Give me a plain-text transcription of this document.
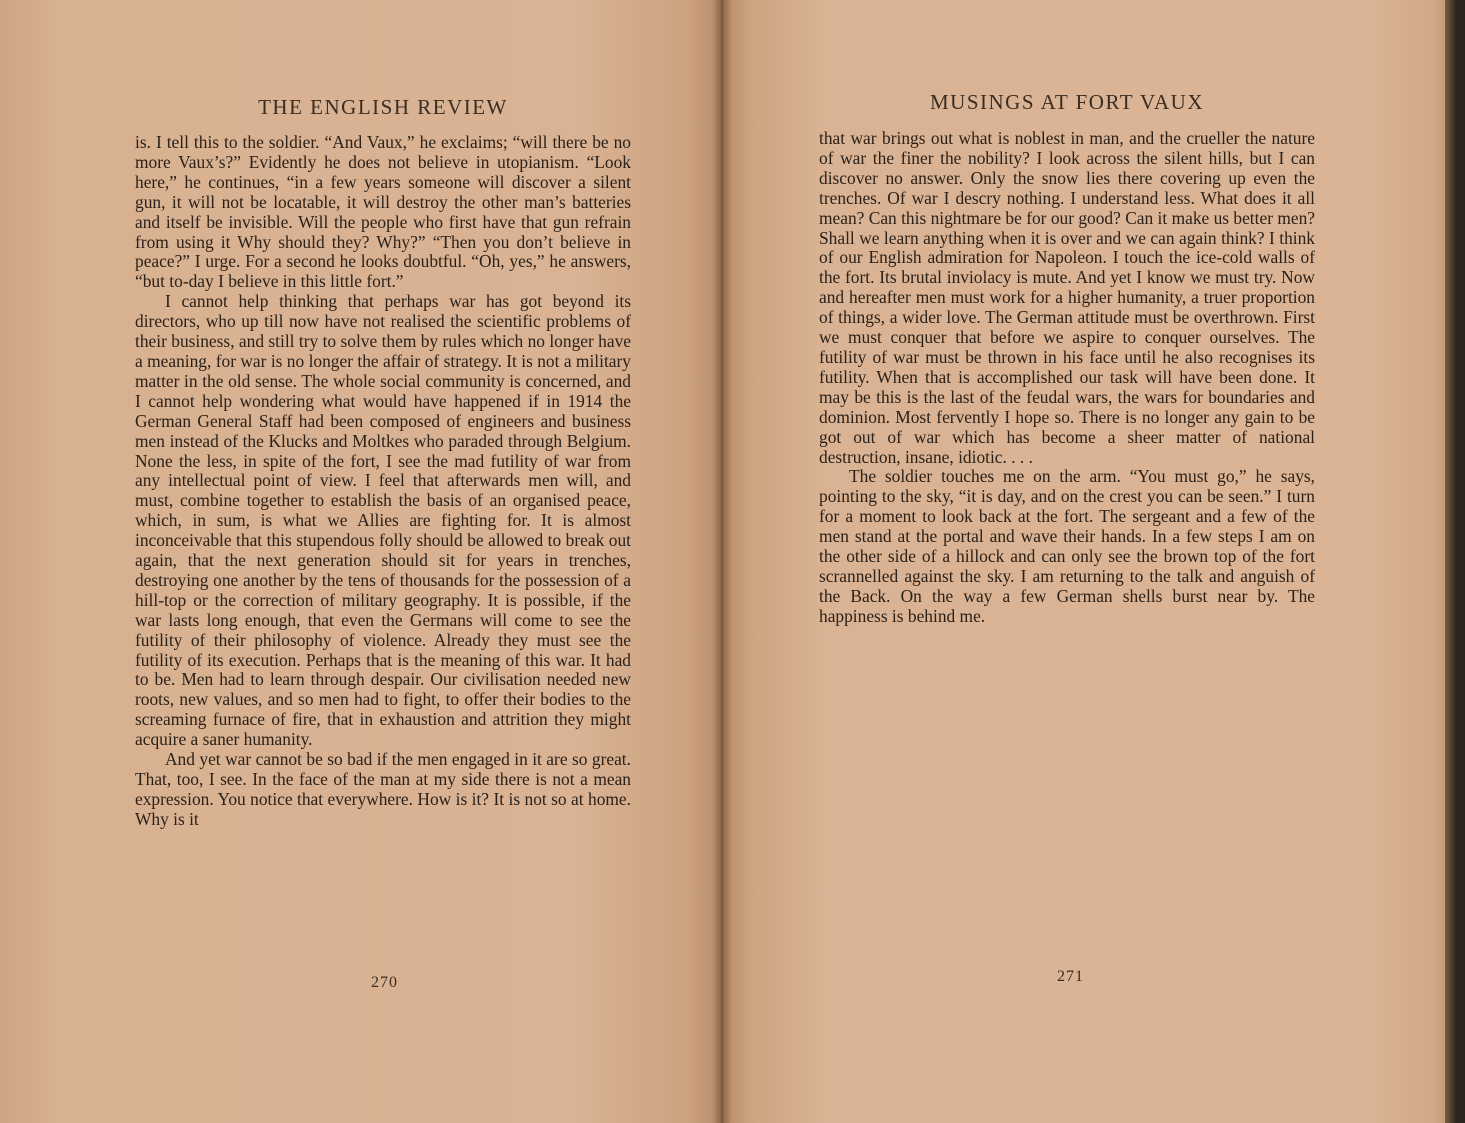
THE ENGLISH REVIEW

is. I tell this to the soldier. “And Vaux,” he exclaims; “will there be no more Vaux’s?” Evidently he does not believe in utopianism. “Look here,” he continues, “in a few years someone will discover a silent gun, it will not be locatable, it will destroy the other man’s batteries and itself be invisible. Will the people who first have that gun refrain from using it Why should they? Why?” “Then you don’t believe in peace?” I urge. For a second he looks doubtful. “Oh, yes,” he answers, “but to-day I believe in this little fort.”

I cannot help thinking that perhaps war has got beyond its directors, who up till now have not realised the scientific problems of their business, and still try to solve them by rules which no longer have a meaning, for war is no longer the affair of strategy. It is not a military matter in the old sense. The whole social community is concerned, and I cannot help wondering what would have happened if in 1914 the German General Staff had been composed of engineers and business men instead of the Klucks and Moltkes who paraded through Belgium. None the less, in spite of the fort, I see the mad futility of war from any intellectual point of view. I feel that afterwards men will, and must, combine together to establish the basis of an organised peace, which, in sum, is what we Allies are fighting for. It is almost inconceivable that this stupendous folly should be allowed to break out again, that the next generation should sit for years in trenches, destroying one another by the tens of thousands for the possession of a hill-top or the correction of military geography. It is possible, if the war lasts long enough, that even the Germans will come to see the futility of their philosophy of violence. Already they must see the futility of its execution. Perhaps that is the meaning of this war. It had to be. Men had to learn through despair. Our civilisation needed new roots, new values, and so men had to fight, to offer their bodies to the screaming furnace of fire, that in exhaustion and attrition they might acquire a saner humanity.

And yet war cannot be so bad if the men engaged in it are so great. That, too, I see. In the face of the man at my side there is not a mean expression. You notice that everywhere. How is it? It is not so at home. Why is it

270
MUSINGS AT FORT VAUX

that war brings out what is noblest in man, and the crueller the nature of war the finer the nobility? I look across the silent hills, but I can discover no answer. Only the snow lies there covering up even the trenches. Of war I descry nothing. I understand less. What does it all mean? Can this nightmare be for our good? Can it make us better men? Shall we learn anything when it is over and we can again think? I think of our English admiration for Napoleon. I touch the ice-cold walls of the fort. Its brutal inviolacy is mute. And yet I know we must try. Now and hereafter men must work for a higher humanity, a truer proportion of things, a wider love. The German attitude must be overthrown. First we must conquer that before we aspire to conquer ourselves. The futility of war must be thrown in his face until he also recognises its futility. When that is accomplished our task will have been done. It may be this is the last of the feudal wars, the wars for boundaries and dominion. Most fervently I hope so. There is no longer any gain to be got out of war which has become a sheer matter of national destruction, insane, idiotic. . . .

The soldier touches me on the arm. “You must go,” he says, pointing to the sky, “it is day, and on the crest you can be seen.” I turn for a moment to look back at the fort. The sergeant and a few of the men stand at the portal and wave their hands. In a few steps I am on the other side of a hillock and can only see the brown top of the fort scrannelled against the sky. I am returning to the talk and anguish of the Back. On the way a few German shells burst near by. The happiness is behind me.

271
